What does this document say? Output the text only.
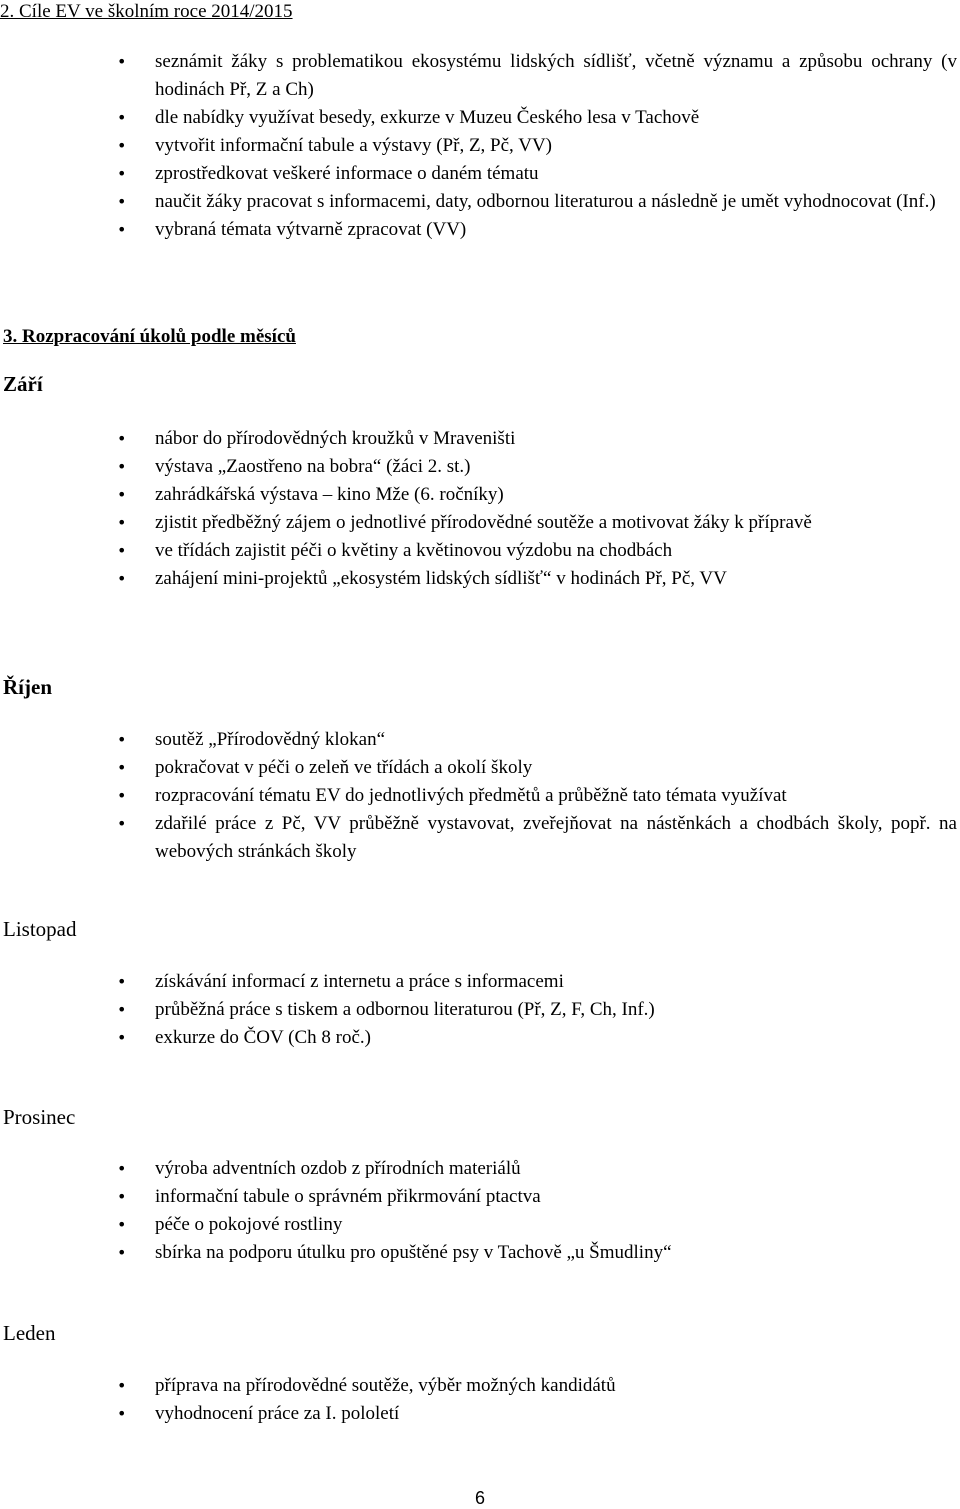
2. Cíle EV ve školním roce 2014/2015
• seznámit žáky s problematikou ekosystému lidských sídlišť, včetně významu a způsobu ochrany (v hodinách Př, Z a Ch)
• dle nabídky využívat besedy, exkurze v Muzeu Českého lesa v Tachově
• vytvořit informační tabule a výstavy (Př, Z, Pč, VV)
• zprostředkovat veškeré informace o daném tématu
• naučit žáky pracovat s informacemi, daty, odbornou literaturou a následně je umět vyhodnocovat (Inf.)
• vybraná témata výtvarně zpracovat (VV)
3. Rozpracování úkolů podle měsíců
Září
• nábor do přírodovědných kroužků v Mraveništi
• výstava „Zaostřeno na bobra“ (žáci 2. st.)
• zahrádkářská výstava – kino Mže (6. ročníky)
• zjistit předběžný zájem o jednotlivé přírodovědné soutěže a motivovat žáky k přípravě
• ve třídách zajistit péči o květiny a květinovou výzdobu na chodbách
• zahájení mini-projektů „ekosystém lidských sídlišť“ v hodinách Př, Pč, VV
Říjen
• soutěž „Přírodovědný klokan“
• pokračovat v péči o zeleň ve třídách a okolí školy
• rozpracování tématu EV do jednotlivých předmětů a průběžně tato témata využívat
• zdařilé práce z Pč, VV průběžně vystavovat, zveřejňovat na nástěnkách a chodbách školy, popř. na webových stránkách školy
Listopad
• získávání informací z internetu a práce s informacemi
• průběžná práce s tiskem a odbornou literaturou (Př, Z, F, Ch, Inf.)
• exkurze do ČOV (Ch 8 roč.)
Prosinec
• výroba adventních ozdob z přírodních materiálů
• informační tabule o správném přikrmování ptactva
• péče o pokojové rostliny
• sbírka na podporu útulku pro opuštěné psy v Tachově „u Šmudliny“
Leden
• příprava na přírodovědné soutěže, výběr možných kandidátů
• vyhodnocení práce za I. pololetí
6
